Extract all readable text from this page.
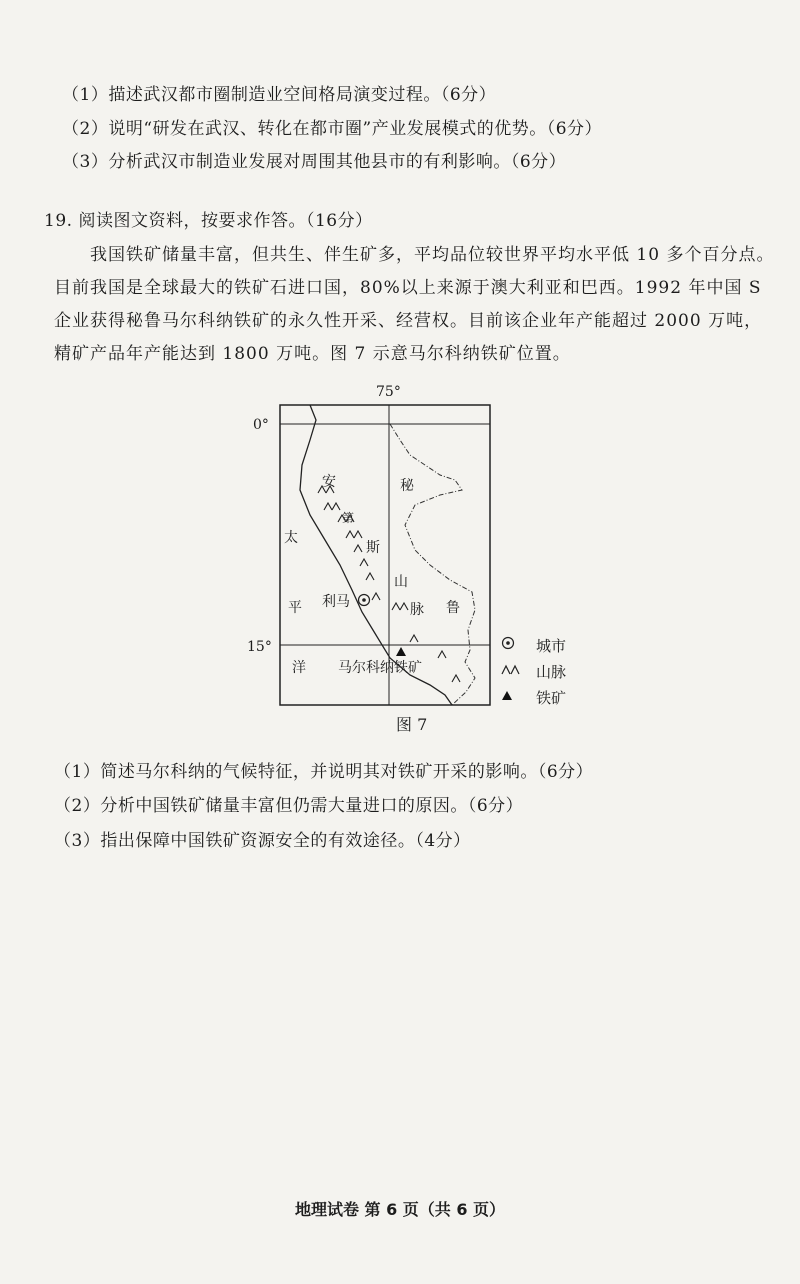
（1）描述武汉都市圈制造业空间格局演变过程。（6分）
（2）说明“研发在武汉、转化在都市圈”产业发展模式的优势。（6分）
（3）分析武汉市制造业发展对周围其他县市的有利影响。（6分）
19. 阅读图文资料，按要求作答。（16分）
我国铁矿储量丰富，但共生、伴生矿多，平均品位较世界平均水平低 10 多个百分点。
目前我国是全球最大的铁矿石进口国，80%以上来源于澳大利亚和巴西。1992 年中国 S
企业获得秘鲁马尔科纳铁矿的永久性开采、经营权。目前该企业年产能超过 2000 万吨，
精矿产品年产能达到 1800 万吨。图 7 示意马尔科纳铁矿位置。
75°
0°
15°
太
平
洋
安
第
斯
山
脉
秘
鲁
利马
马尔科纳铁矿
城市
山脉
铁矿
图 7
（1）简述马尔科纳的气候特征，并说明其对铁矿开采的影响。（6分）
（2）分析中国铁矿储量丰富但仍需大量进口的原因。（6分）
（3）指出保障中国铁矿资源安全的有效途径。（4分）
地理试卷 第 6 页（共 6 页）
